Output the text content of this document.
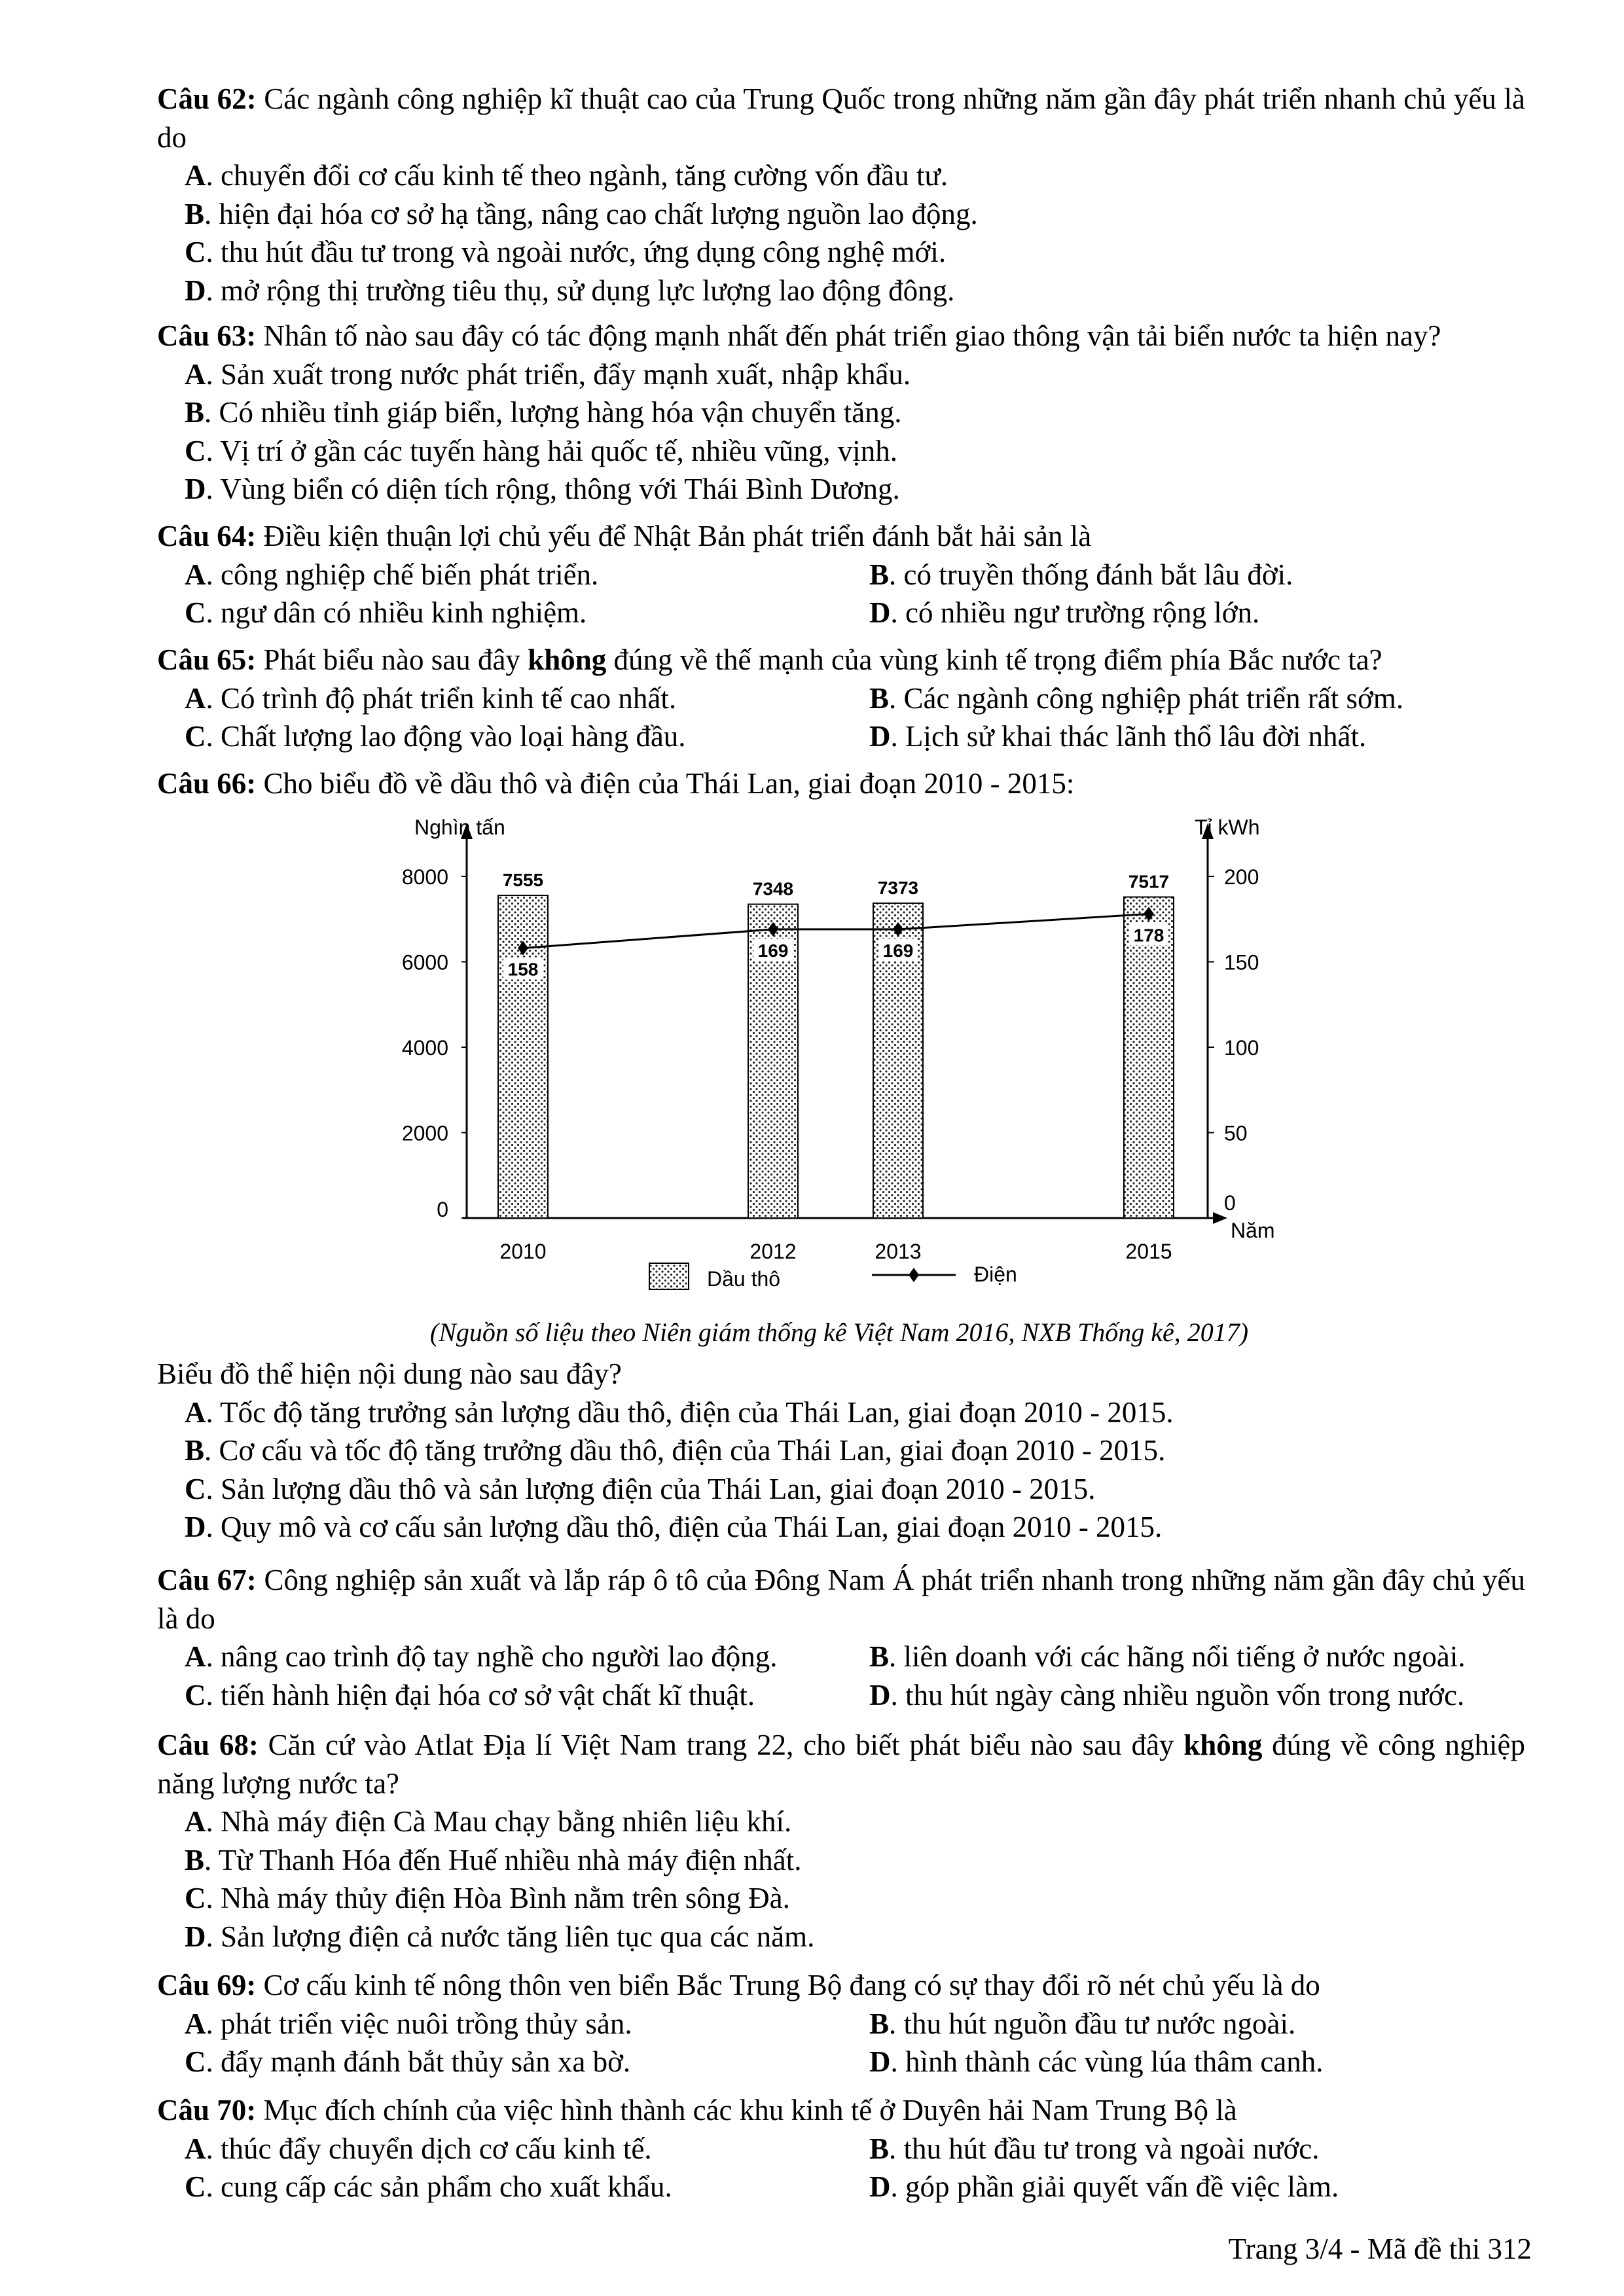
Câu 62: Các ngành công nghiệp kĩ thuật cao của Trung Quốc trong những năm gần đây phát triển nhanh chủ yếu là do
A. chuyển đổi cơ cấu kinh tế theo ngành, tăng cường vốn đầu tư.
B. hiện đại hóa cơ sở hạ tầng, nâng cao chất lượng nguồn lao động.
C. thu hút đầu tư trong và ngoài nước, ứng dụng công nghệ mới.
D. mở rộng thị trường tiêu thụ, sử dụng lực lượng lao động đông.
Câu 63: Nhân tố nào sau đây có tác động mạnh nhất đến phát triển giao thông vận tải biển nước ta hiện nay?
A. Sản xuất trong nước phát triển, đẩy mạnh xuất, nhập khẩu.
B. Có nhiều tỉnh giáp biển, lượng hàng hóa vận chuyển tăng.
C. Vị trí ở gần các tuyến hàng hải quốc tế, nhiều vũng, vịnh.
D. Vùng biển có diện tích rộng, thông với Thái Bình Dương.
Câu 64: Điều kiện thuận lợi chủ yếu để Nhật Bản phát triển đánh bắt hải sản là
A. công nghiệp chế biến phát triển.	B. có truyền thống đánh bắt lâu đời.
C. ngư dân có nhiều kinh nghiệm.	D. có nhiều ngư trường rộng lớn.
Câu 65: Phát biểu nào sau đây không đúng về thế mạnh của vùng kinh tế trọng điểm phía Bắc nước ta?
A. Có trình độ phát triển kinh tế cao nhất.	B. Các ngành công nghiệp phát triển rất sớm.
C. Chất lượng lao động vào loại hàng đầu.	D. Lịch sử khai thác lãnh thổ lâu đời nhất.
Câu 66: Cho biểu đồ về dầu thô và điện của Thái Lan, giai đoạn 2010 - 2015:
Biểu đồ thể hiện nội dung nào sau đây?
A. Tốc độ tăng trưởng sản lượng dầu thô, điện của Thái Lan, giai đoạn 2010 - 2015.
B. Cơ cấu và tốc độ tăng trưởng dầu thô, điện của Thái Lan, giai đoạn 2010 - 2015.
C. Sản lượng dầu thô và sản lượng điện của Thái Lan, giai đoạn 2010 - 2015.
D. Quy mô và cơ cấu sản lượng dầu thô, điện của Thái Lan, giai đoạn 2010 - 2015.
Câu 67: Công nghiệp sản xuất và lắp ráp ô tô của Đông Nam Á phát triển nhanh trong những năm gần đây chủ yếu là do
A. nâng cao trình độ tay nghề cho người lao động.	B. liên doanh với các hãng nổi tiếng ở nước ngoài.
C. tiến hành hiện đại hóa cơ sở vật chất kĩ thuật.	D. thu hút ngày càng nhiều nguồn vốn trong nước.
Câu 68: Căn cứ vào Atlat Địa lí Việt Nam trang 22, cho biết phát biểu nào sau đây không đúng về công nghiệp năng lượng nước ta?
A. Nhà máy điện Cà Mau chạy bằng nhiên liệu khí.
B. Từ Thanh Hóa đến Huế nhiều nhà máy điện nhất.
C. Nhà máy thủy điện Hòa Bình nằm trên sông Đà.
D. Sản lượng điện cả nước tăng liên tục qua các năm.
Câu 69: Cơ cấu kinh tế nông thôn ven biển Bắc Trung Bộ đang có sự thay đổi rõ nét chủ yếu là do
A. phát triển việc nuôi trồng thủy sản.	B. thu hút nguồn đầu tư nước ngoài.
C. đẩy mạnh đánh bắt thủy sản xa bờ.	D. hình thành các vùng lúa thâm canh.
Câu 70: Mục đích chính của việc hình thành các khu kinh tế ở Duyên hải Nam Trung Bộ là
A. thúc đẩy chuyển dịch cơ cấu kinh tế.	B. thu hút đầu tư trong và ngoài nước.
C. cung cấp các sản phẩm cho xuất khẩu.	D. góp phần giải quyết vấn đề việc làm.
Nghìn tấn	Tỉ kWh
Năm
0
2000
4000
6000
8000
0
50
100
150
200
7555
2010
7348
2012
7373
2013
7517
2015
158
169	169
178
Dầu thô	Điện
(Nguồn số liệu theo Niên giám thống kê Việt Nam 2016, NXB Thống kê, 2017)
Trang 3/4 - Mã đề thi 312
